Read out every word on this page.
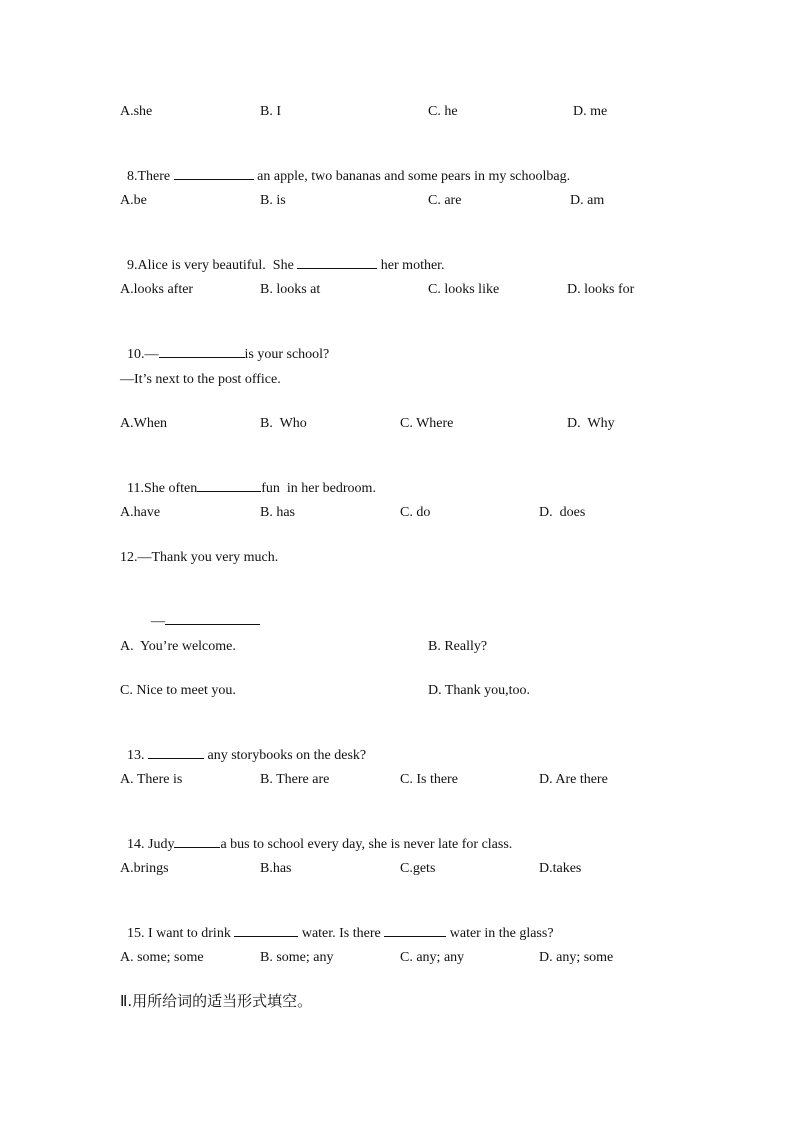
A.she	B. I	C. he	D. me

8.There	an apple, two bananas and some pears in my schoolbag.

A.be	B. is	C. are	D. am

9.Alice is very beautiful.  She	her mother.

A.looks after	B. looks at	C. looks like	D. looks for

10.—	is your school?

—It’s next to the post office.
A.When	B.  Who	C. Where	D.  Why

11.She often	fun  in her bedroom.

A.have	B. has	C. do	D.  does
12.—Thank you very much.

—

A.  You’re welcome.	B. Really?
C. Nice to meet you.	D. Thank you,too.

13.	any storybooks on the desk?

A. There is	B. There are	C. Is there	D. Are there

14. Judy	a bus to school every day, she is never late for class.

A.brings	B.has	C.gets	D.takes

15. I want to drink	water. Is there	water in the glass?

A. some; some	B. some; any	C. any; any	D. any; some
Ⅱ.用所给词的适当形式填空。
